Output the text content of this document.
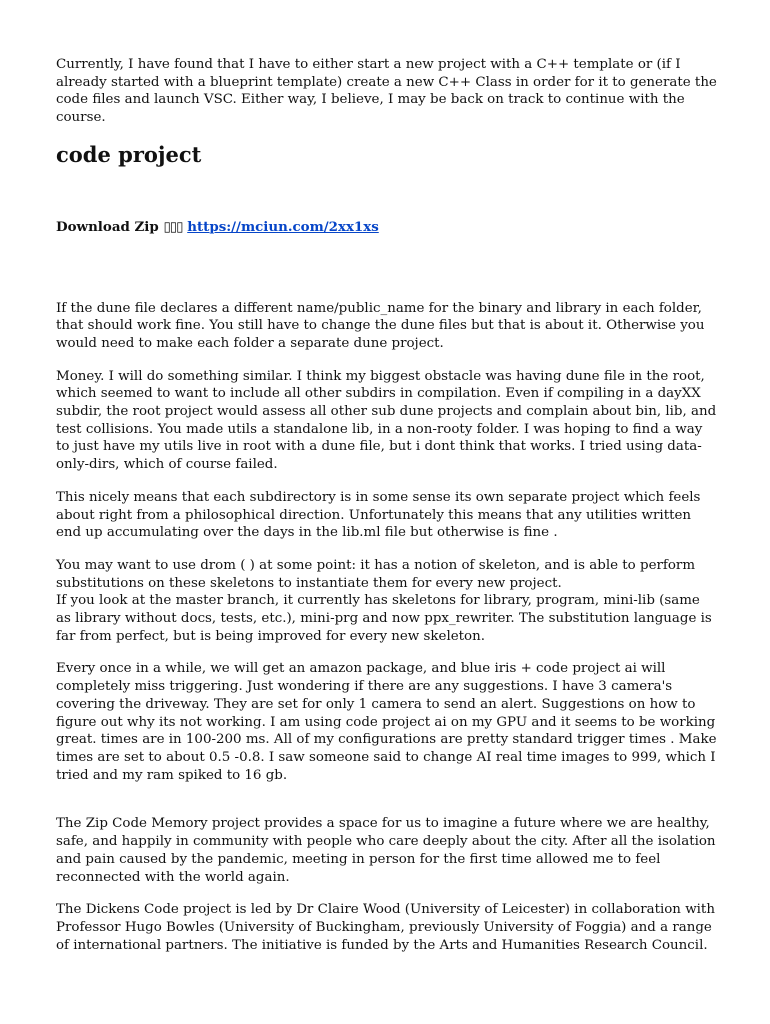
Currently, I have found that I have to either start a new project with a C++ template or (if I already started with a blueprint template) create a new C++ Class in order for it to generate the code files and launch VSC. Either way, I believe, I may be back on track to continue with the course.

code project
Download Zip ▯▯▯ https://mciun.com/2xx1xs

If the dune file declares a different name/public_name for the binary and library in each folder, that should work fine. You still have to change the dune files but that is about it. Otherwise you would need to make each folder a separate dune project.

Money. I will do something similar. I think my biggest obstacle was having dune file in the root, which seemed to want to include all other subdirs in compilation. Even if compiling in a dayXX subdir, the root project would assess all other sub dune projects and complain about bin, lib, and test collisions. You made utils a standalone lib, in a non-rooty folder. I was hoping to find a way to just have my utils live in root with a dune file, but i dont think that works. I tried using data-only-dirs, which of course failed.

This nicely means that each subdirectory is in some sense its own separate project which feels about right from a philosophical direction. Unfortunately this means that any utilities written end up accumulating over the days in the lib.ml file but otherwise is fine .

You may want to use drom ( ) at some point: it has a notion of skeleton, and is able to perform substitutions on these skeletons to instantiate them for every new project.

If you look at the master branch, it currently has skeletons for library, program, mini-lib (same as library without docs, tests, etc.), mini-prg and now ppx_rewriter. The substitution language is far from perfect, but is being improved for every new skeleton.

Every once in a while, we will get an amazon package, and blue iris + code project ai will completely miss triggering. Just wondering if there are any suggestions. I have 3 camera's covering the driveway. They are set for only 1 camera to send an alert. Suggestions on how to figure out why its not working. I am using code project ai on my GPU and it seems to be working great. times are in 100-200 ms. All of my configurations are pretty standard trigger times . Make times are set to about 0.5 -0.8. I saw someone said to change AI real time images to 999, which I tried and my ram spiked to 16 gb.

The Zip Code Memory project provides a space for us to imagine a future where we are healthy, safe, and happily in community with people who care deeply about the city. After all the isolation and pain caused by the pandemic, meeting in person for the first time allowed me to feel reconnected with the world again.

The Dickens Code project is led by Dr Claire Wood (University of Leicester) in collaboration with Professor Hugo Bowles (University of Buckingham, previously University of Foggia) and a range of international partners. The initiative is funded by the Arts and Humanities Research Council.
